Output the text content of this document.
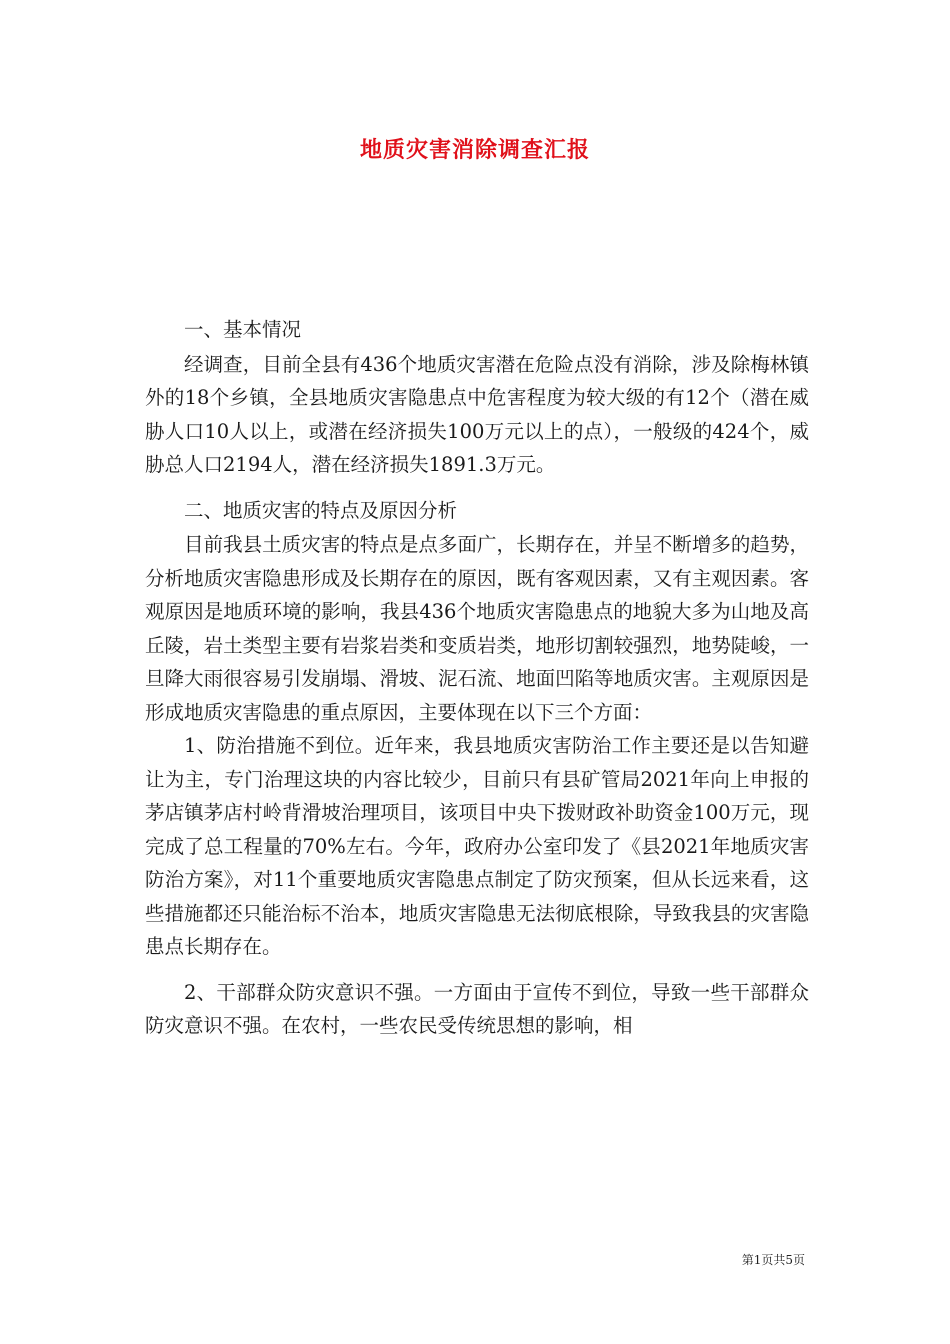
地质灾害消除调查汇报

一、基本情况

经调查，目前全县有436个地质灾害潜在危险点没有消除，涉及除梅林镇外的18个乡镇，全县地质灾害隐患点中危害程度为较大级的有12个（潜在威胁人口10人以上，或潜在经济损失100万元以上的点），一般级的424个，威胁总人口2194人，潜在经济损失1891.3万元。

二、地质灾害的特点及原因分析

目前我县土质灾害的特点是点多面广，长期存在，并呈不断增多的趋势，分析地质灾害隐患形成及长期存在的原因，既有客观因素，又有主观因素。客观原因是地质环境的影响，我县436个地质灾害隐患点的地貌大多为山地及高丘陵，岩土类型主要有岩浆岩类和变质岩类，地形切割较强烈，地势陡峻，一旦降大雨很容易引发崩塌、滑坡、泥石流、地面凹陷等地质灾害。主观原因是形成地质灾害隐患的重点原因，主要体现在以下三个方面：

1、防治措施不到位。近年来，我县地质灾害防治工作主要还是以告知避让为主，专门治理这块的内容比较少，目前只有县矿管局2021年向上申报的茅店镇茅店村岭背滑坡治理项目，该项目中央下拨财政补助资金100万元，现完成了总工程量的70%左右。今年，政府办公室印发了《县2021年地质灾害防治方案》，对11个重要地质灾害隐患点制定了防灾预案，但从长远来看，这些措施都还只能治标不治本，地质灾害隐患无法彻底根除，导致我县的灾害隐患点长期存在。

2、干部群众防灾意识不强。一方面由于宣传不到位，导致一些干部群众防灾意识不强。在农村，一些农民受传统思想的影响，相

第1页共5页
